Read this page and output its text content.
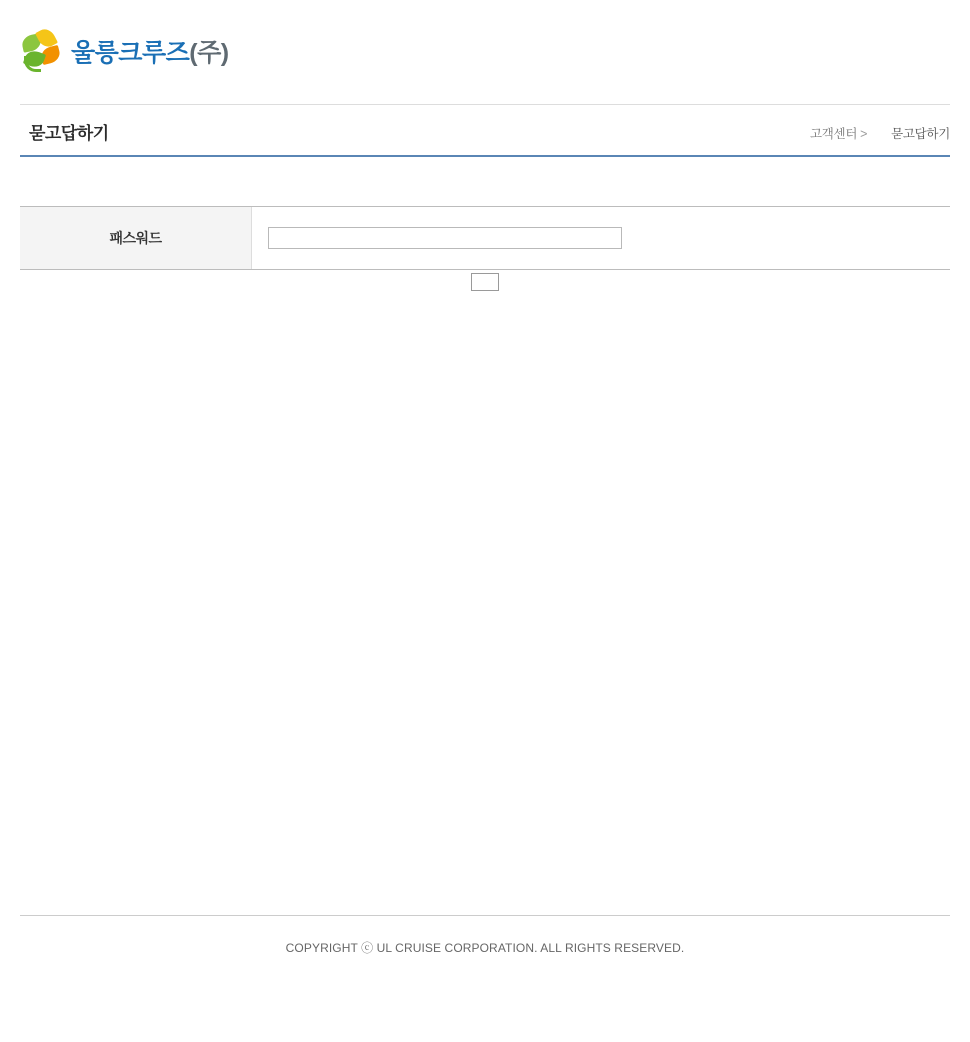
울릉크루즈(주)
묻고답하기	고객센터 > 묻고답하기
패스워드
COPYRIGHT ⓒ UL CRUISE CORPORATION. ALL RIGHTS RESERVED.
